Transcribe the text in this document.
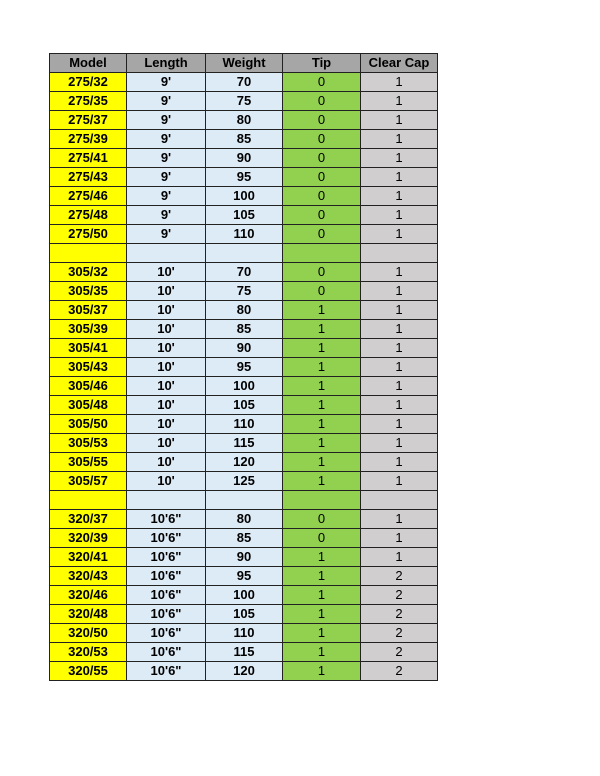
Model	Length	Weight	Tip	Clear Cap
275/32	9'	70	0	1
275/35	9'	75	0	1
275/37	9'	80	0	1
275/39	9'	85	0	1
275/41	9'	90	0	1
275/43	9'	95	0	1
275/46	9'	100	0	1
275/48	9'	105	0	1
275/50	9'	110	0	1

305/32	10'	70	0	1
305/35	10'	75	0	1
305/37	10'	80	1	1
305/39	10'	85	1	1
305/41	10'	90	1	1
305/43	10'	95	1	1
305/46	10'	100	1	1
305/48	10'	105	1	1
305/50	10'	110	1	1
305/53	10'	115	1	1
305/55	10'	120	1	1
305/57	10'	125	1	1

320/37	10'6"	80	0	1
320/39	10'6"	85	0	1
320/41	10'6"	90	1	1
320/43	10'6"	95	1	2
320/46	10'6"	100	1	2
320/48	10'6"	105	1	2
320/50	10'6"	110	1	2
320/53	10'6"	115	1	2
320/55	10'6"	120	1	2
